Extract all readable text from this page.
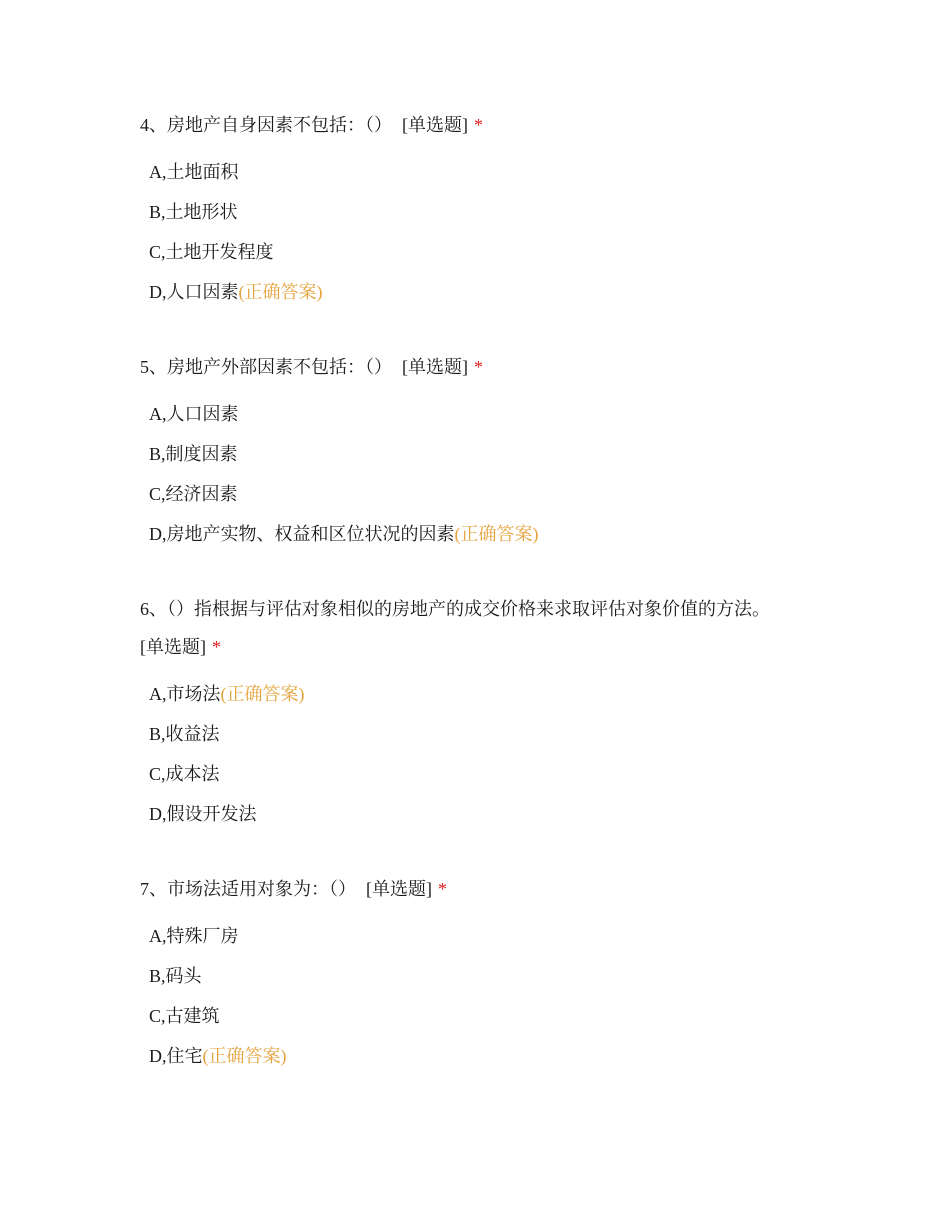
4、房地产自身因素不包括：（） [单选题] *
A,土地面积
B,土地形状
C,土地开发程度
D,人口因素(正确答案)
5、房地产外部因素不包括：（） [单选题] *
A,人口因素
B,制度因素
C,经济因素
D,房地产实物、权益和区位状况的因素(正确答案)
6、（）指根据与评估对象相似的房地产的成交价格来求取评估对象价值的方法。
[单选题] *
A,市场法(正确答案)
B,收益法
C,成本法
D,假设开发法
7、市场法适用对象为：（） [单选题] *
A,特殊厂房
B,码头
C,古建筑
D,住宅(正确答案)
